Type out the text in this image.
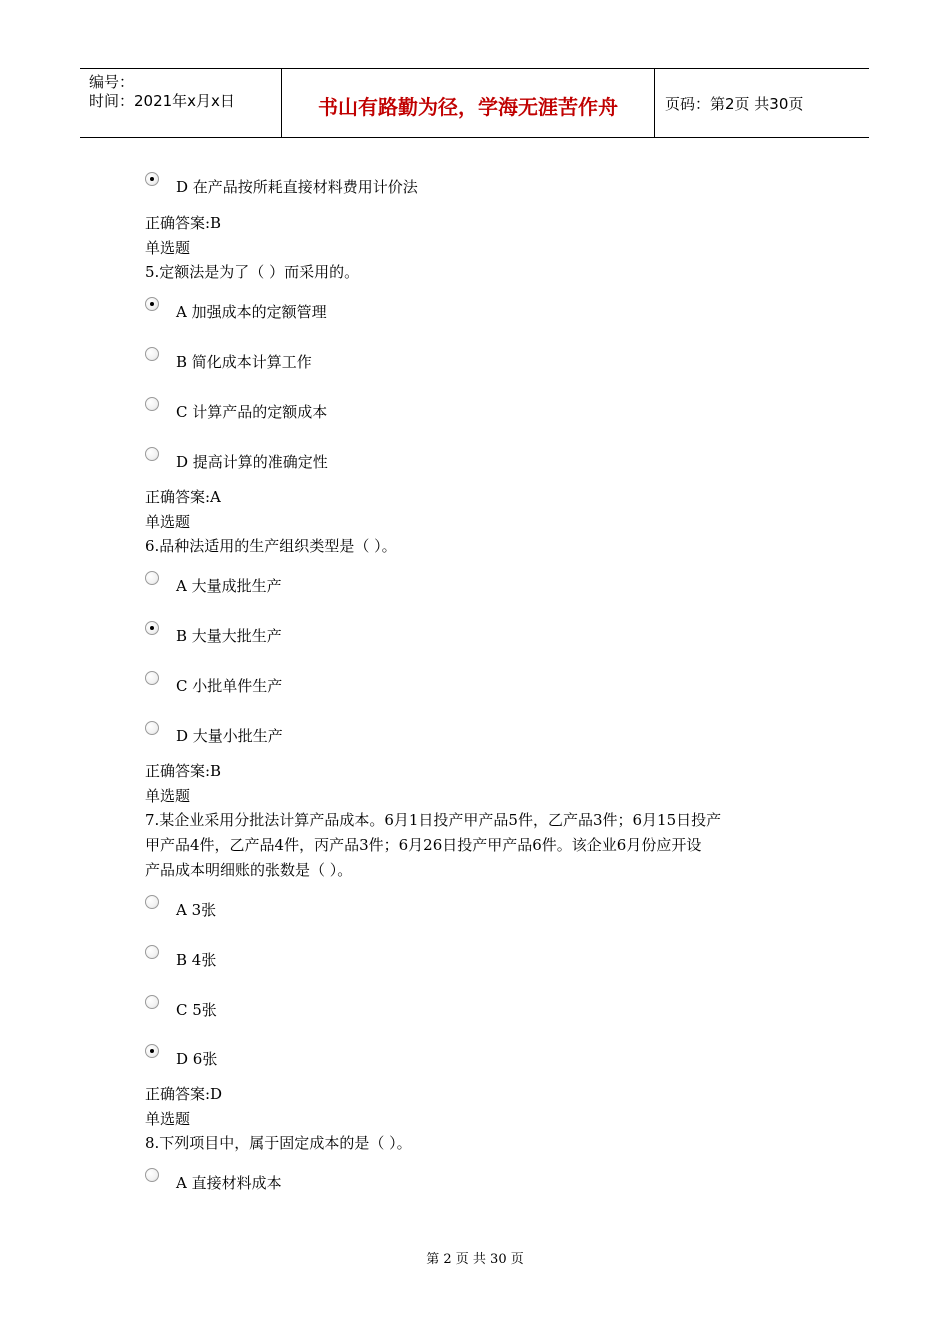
编号：
时间：2021年x月x日	书山有路勤为径，学海无涯苦作舟	页码：第2页 共30页
D 在产品按所耗直接材料费用计价法
正确答案:B
单选题
5.定额法是为了（ ）而采用的。
A 加强成本的定额管理
B 简化成本计算工作
C 计算产品的定额成本
D 提高计算的准确定性
正确答案:A
单选题
6.品种法适用的生产组织类型是（ ）。
A 大量成批生产
B 大量大批生产
C 小批单件生产
D 大量小批生产
正确答案:B
单选题
7.某企业采用分批法计算产品成本。6月1日投产甲产品5件，乙产品3件；6月15日投产
甲产品4件，乙产品4件，丙产品3件；6月26日投产甲产品6件。该企业6月份应开设
产品成本明细账的张数是（ ）。
A 3张
B 4张
C 5张
D 6张
正确答案:D
单选题
8.下列项目中，属于固定成本的是（ ）。
A 直接材料成本
第 2 页 共 30 页
